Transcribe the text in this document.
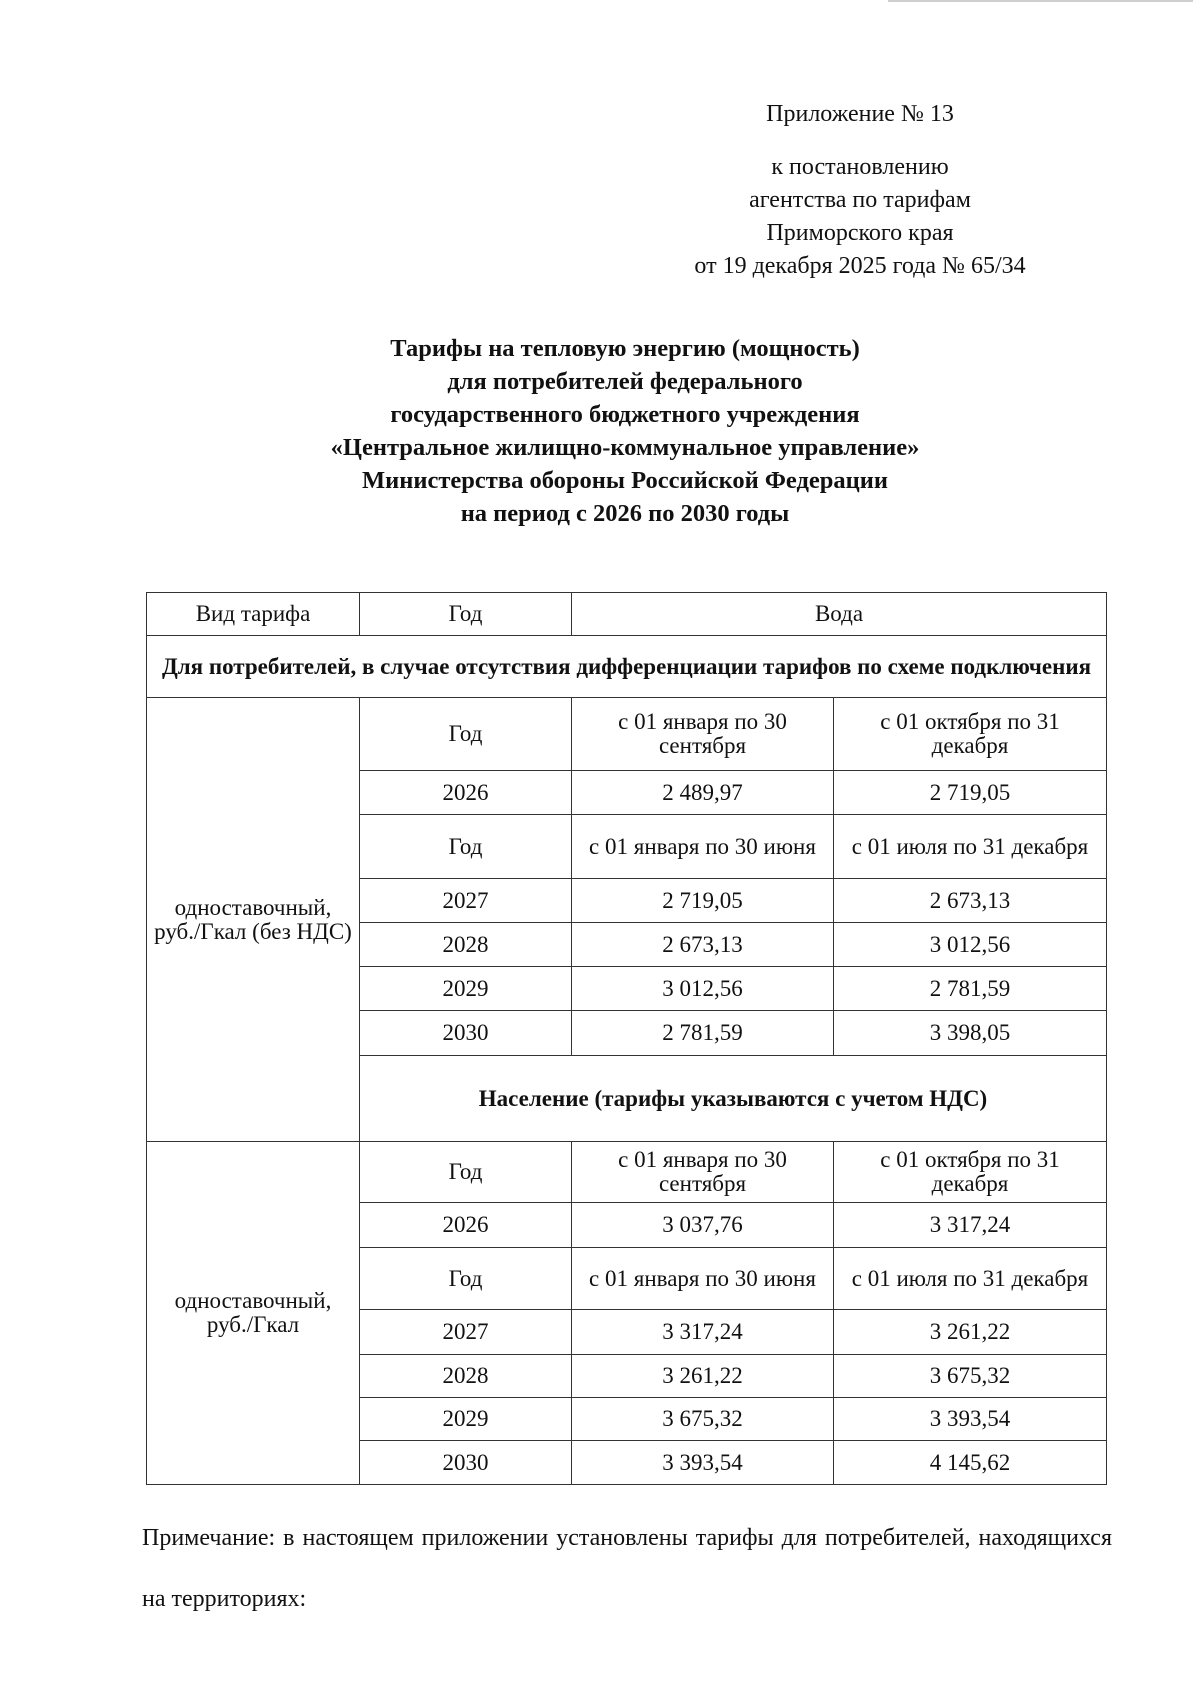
Приложение № 13
к постановлению
агентства по тарифам
Приморского края
от 19 декабря 2025 года № 65/34
Тарифы на тепловую энергию (мощность)
для потребителей федерального
государственного бюджетного учреждения
«Центральное жилищно-коммунальное управление»
Министерства обороны Российской Федерации
на период с 2026 по 2030 годы
Вид тарифа	Год	Вода	
Для потребителей, в случае отсутствия дифференциации тарифов по схеме подключения			
одноставочный, руб./Гкал (без НДС)	Год	с 01 января по 30 сентября	с 01 октября по 31 декабря
	2026	2 489,97	2 719,05
	Год	с 01 января по 30 июня	с 01 июля по 31 декабря
	2027	2 719,05	2 673,13
	2028	2 673,13	3 012,56
	2029	3 012,56	2 781,59
	2030	2 781,59	3 398,05
	Население (тарифы указываются с учетом НДС)		
одноставочный, руб./Гкал	Год	с 01 января по 30 сентября	с 01 октября по 31 декабря
	2026	3 037,76	3 317,24
	Год	с 01 января по 30 июня	с 01 июля по 31 декабря
	2027	3 317,24	3 261,22
	2028	3 261,22	3 675,32
	2029	3 675,32	3 393,54
	2030	3 393,54	4 145,62
Примечание: в настоящем приложении установлены тарифы для потребителей, находящихся на территориях:
